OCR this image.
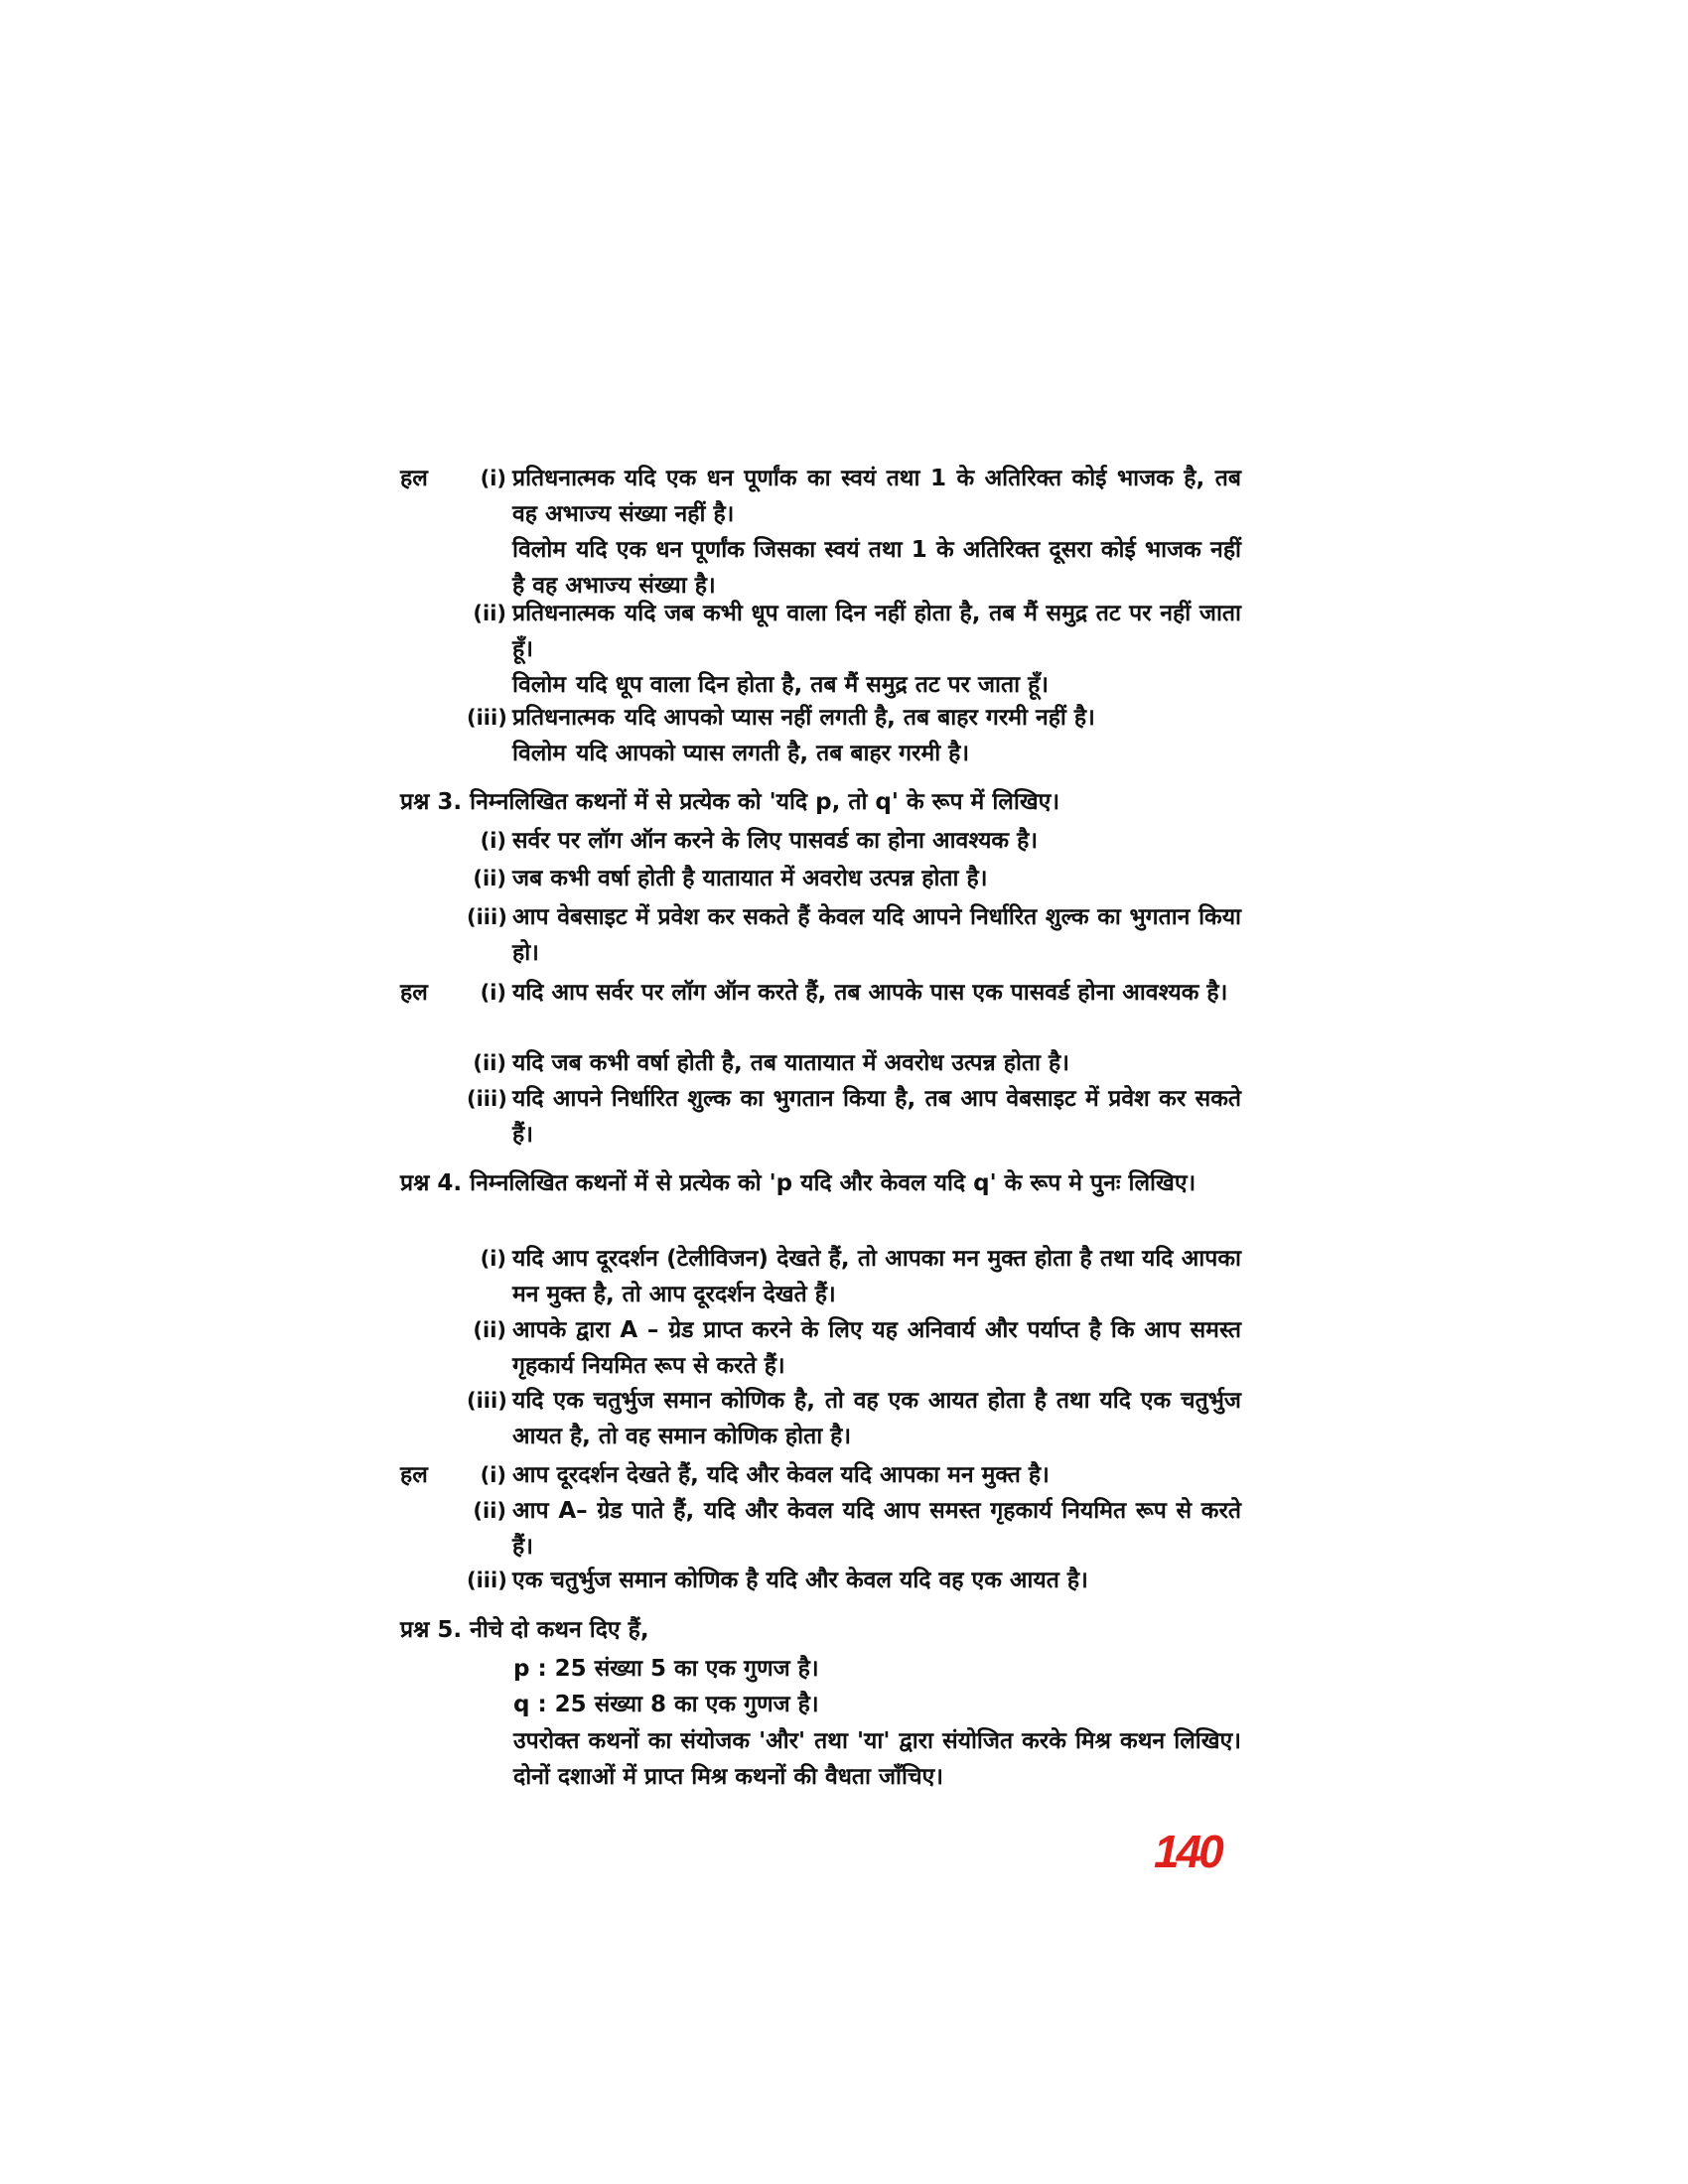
हल	(i) प्रतिधनात्मक यदि एक धन पूर्णांक का स्वयं तथा 1 के अतिरिक्त कोई भाजक है, तब वह अभाज्य संख्या नहीं है।
विलोम यदि एक धन पूर्णांक जिसका स्वयं तथा 1 के अतिरिक्त दूसरा कोई भाजक नहीं है वह अभाज्य संख्या है।
(ii) प्रतिधनात्मक यदि जब कभी धूप वाला दिन नहीं होता है, तब मैं समुद्र तट पर नहीं जाता हूँ।
विलोम यदि धूप वाला दिन होता है, तब मैं समुद्र तट पर जाता हूँ।
(iii) प्रतिधनात्मक यदि आपको प्यास नहीं लगती है, तब बाहर गरमी नहीं है।
विलोम यदि आपको प्यास लगती है, तब बाहर गरमी है।
प्रश्न 3. निम्नलिखित कथनों में से प्रत्येक को 'यदि p, तो q' के रूप में लिखिए।
(i) सर्वर पर लॉग ऑन करने के लिए पासवर्ड का होना आवश्यक है।
(ii) जब कभी वर्षा होती है यातायात में अवरोध उत्पन्न होता है।
(iii) आप वेबसाइट में प्रवेश कर सकते हैं केवल यदि आपने निर्धारित शुल्क का भुगतान किया हो।
हल	(i) यदि आप सर्वर पर लॉग ऑन करते हैं, तब आपके पास एक पासवर्ड होना आवश्यक है।
(ii) यदि जब कभी वर्षा होती है, तब यातायात में अवरोध उत्पन्न होता है।
(iii) यदि आपने निर्धारित शुल्क का भुगतान किया है, तब आप वेबसाइट में प्रवेश कर सकते हैं।
प्रश्न 4. निम्नलिखित कथनों में से प्रत्येक को 'p यदि और केवल यदि q' के रूप मे पुनः लिखिए।
(i) यदि आप दूरदर्शन (टेलीविजन) देखते हैं, तो आपका मन मुक्त होता है तथा यदि आपका मन मुक्त है, तो आप दूरदर्शन देखते हैं।
(ii) आपके द्वारा A – ग्रेड प्राप्त करने के लिए यह अनिवार्य और पर्याप्त है कि आप समस्त गृहकार्य नियमित रूप से करते हैं।
(iii) यदि एक चतुर्भुज समान कोणिक है, तो वह एक आयत होता है तथा यदि एक चतुर्भुज आयत है, तो वह समान कोणिक होता है।
हल	(i) आप दूरदर्शन देखते हैं, यदि और केवल यदि आपका मन मुक्त है।
(ii) आप A– ग्रेड पाते हैं, यदि और केवल यदि आप समस्त गृहकार्य नियमित रूप से करते हैं।
(iii) एक चतुर्भुज समान कोणिक है यदि और केवल यदि वह एक आयत है।
प्रश्न 5. नीचे दो कथन दिए हैं,
p : 25 संख्या 5 का एक गुणज है।
q : 25 संख्या 8 का एक गुणज है।
उपरोक्त कथनों का संयोजक 'और' तथा 'या' द्वारा संयोजित करके मिश्र कथन लिखिए। दोनों दशाओं में प्राप्त मिश्र कथनों की वैधता जाँचिए।
140
